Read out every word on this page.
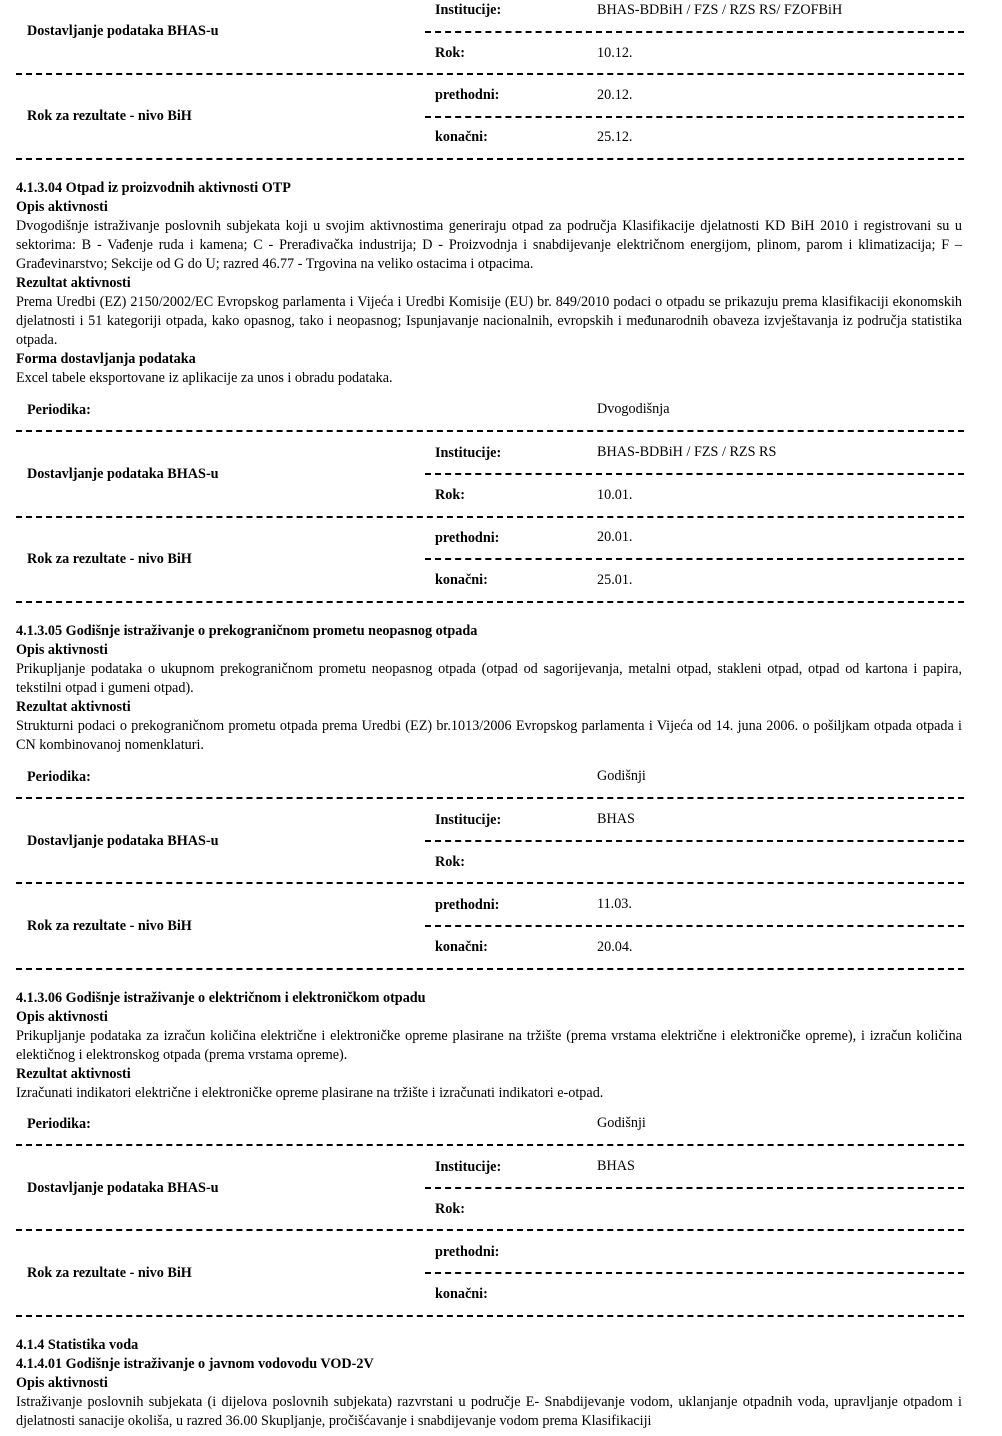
Institucije:	BHAS-BDBiH / FZS / RZS RS/ FZOFBiH
Dostavljanje podataka BHAS-u
Rok:	10.12.
prethodni:	20.12.
Rok za rezultate - nivo BiH
konačni:	25.12.
4.1.3.04 Otpad iz proizvodnih aktivnosti OTP
Opis aktivnosti
Dvogodišnje istraživanje poslovnih subjekata koji u svojim aktivnostima generiraju otpad za područja Klasifikacije djelatnosti KD BiH 2010 i registrovani su u sektorima: B - Vađenje ruda i kamena; C - Prerađivačka industrija; D - Proizvodnja i snabdijevanje električnom energijom, plinom, parom i klimatizacija; F – Građevinarstvo; Sekcije od G do U; razred 46.77 - Trgovina na veliko ostacima i otpacima.
Rezultat aktivnosti
Prema Uredbi (EZ) 2150/2002/EC Evropskog parlamenta i Vijeća i Uredbi Komisije (EU) br. 849/2010 podaci o otpadu se prikazuju prema klasifikaciji ekonomskih djelatnosti i 51 kategoriji otpada, kako opasnog, tako i neopasnog; Ispunjavanje nacionalnih, evropskih i međunarodnih obaveza izvještavanja iz područja statistika otpada.
Forma dostavljanja podataka
Excel tabele eksportovane iz aplikacije za unos i obradu podataka.
Periodika:	Dvogodišnja
Institucije:	BHAS-BDBiH / FZS / RZS RS
Dostavljanje podataka BHAS-u
Rok:	10.01.
prethodni:	20.01.
Rok za rezultate - nivo BiH
konačni:	25.01.
4.1.3.05 Godišnje istraživanje o prekograničnom prometu neopasnog otpada
Opis aktivnosti
Prikupljanje podataka o ukupnom prekograničnom prometu neopasnog otpada (otpad od sagorijevanja, metalni otpad, stakleni otpad, otpad od kartona i papira, tekstilni otpad i gumeni otpad).
Rezultat aktivnosti
Strukturni podaci o prekograničnom prometu otpada prema Uredbi (EZ) br.1013/2006 Evropskog parlamenta i Vijeća od 14. juna 2006. o pošiljkam otpada otpada i CN kombinovanoj nomenklaturi.
Periodika:	Godišnji
Institucije:	BHAS
Dostavljanje podataka BHAS-u
Rok:
prethodni:	11.03.
Rok za rezultate - nivo BiH
konačni:	20.04.
4.1.3.06 Godišnje istraživanje o električnom i elektroničkom otpadu
Opis aktivnosti
Prikupljanje podataka za izračun količina električne i elektroničke opreme plasirane na tržište (prema vrstama električne i elektroničke opreme), i izračun količina elektičnog i elektronskog otpada (prema vrstama opreme).
Rezultat aktivnosti
Izračunati indikatori električne i elektroničke opreme plasirane na tržište i izračunati indikatori e-otpad.
Periodika:	Godišnji
Institucije:	BHAS
Dostavljanje podataka BHAS-u
Rok:
prethodni:
Rok za rezultate - nivo BiH
konačni:
4.1.4 Statistika voda
4.1.4.01 Godišnje istraživanje o javnom vodovodu VOD-2V
Opis aktivnosti
Istraživanje poslovnih subjekata (i dijelova poslovnih subjekata) razvrstani u područje E- Snabdijevanje vodom, uklanjanje otpadnih voda, upravljanje otpadom i djelatnosti sanacije okoliša, u razred 36.00 Skupljanje, pročišćavanje i snabdijevanje vodom prema Klasifikaciji
